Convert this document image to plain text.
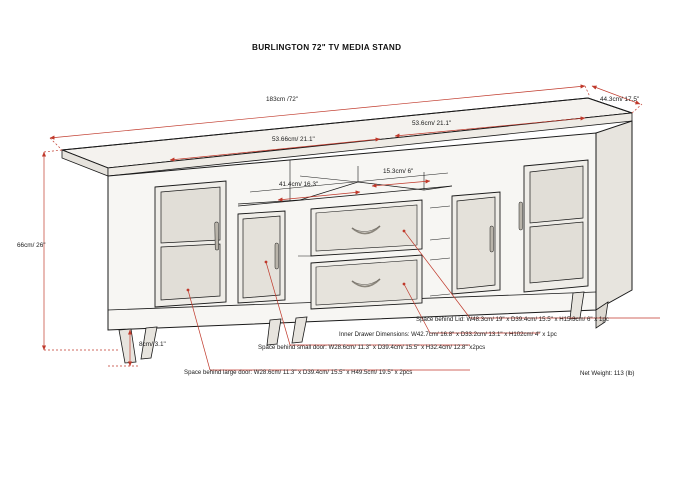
BURLINGTON 72" TV MEDIA STAND
183cm /72"	44.3cm/ 17.5"
66cm/ 26"
8cm/ 3.1"
53.66cm/ 21.1"
53.6cm/ 21.1"
41.4cm/ 16.3"
15.3cm/ 6"
Space behind Lid: W48.3cm/ 19" x D39.4cm/ 15.5" x H15.3cm/ 6" x 1pc
Inner Drawer Dimensions: W42.7cm/ 16.8" x D33.2cm/ 13.1" x H102cm/ 4" x 1pc
Space behind small door: W28.6cm/ 11.3" x D39.4cm/ 15.5" x H32.4cm/ 12.8" x2pcs
Space behind large door: W28.6cm/ 11.3" x D39.4cm/ 15.5" x H49.5cm/ 19.5" x 2pcs	Net Weight: 113 (lb)
